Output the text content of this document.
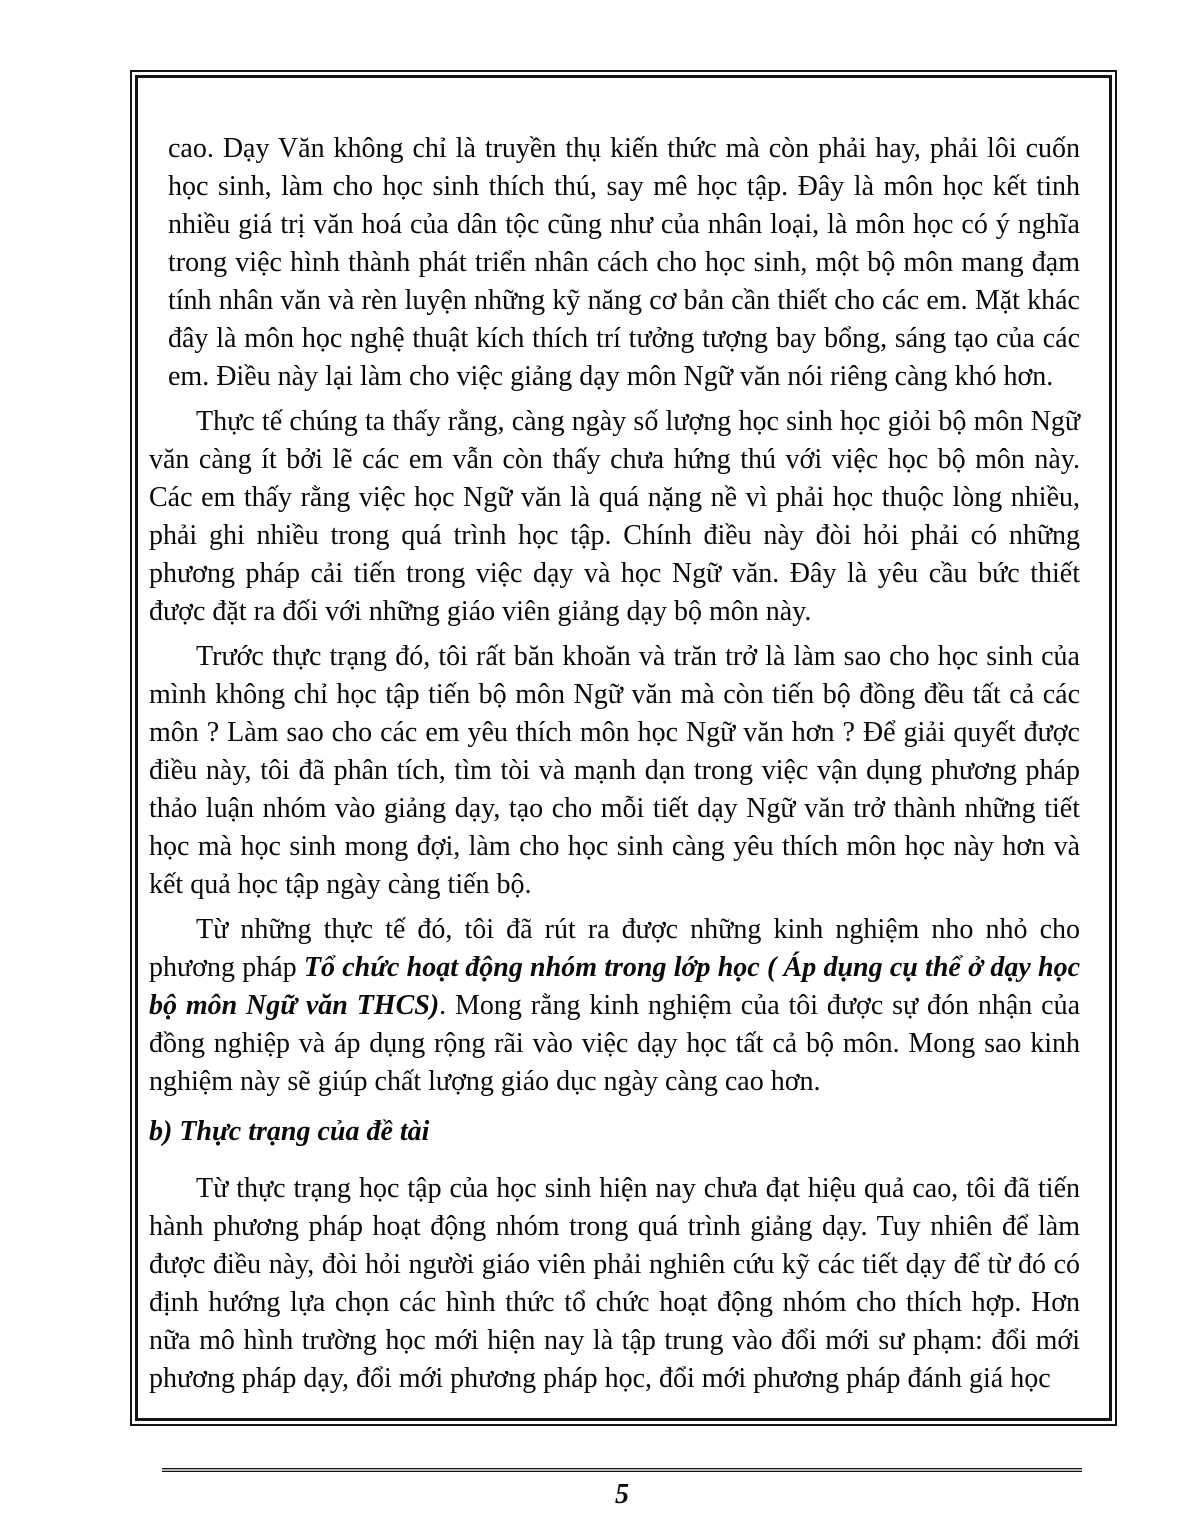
cao. Dạy Văn không chỉ là truyền thụ kiến thức mà còn phải hay, phải lôi cuốn học sinh, làm cho học sinh thích thú, say mê học tập. Đây là môn học kết tinh nhiều giá trị văn hoá của dân tộc cũng như của nhân loại, là môn học có ý nghĩa trong việc hình thành phát triển nhân cách cho học sinh, một bộ môn mang đạm tính nhân văn và rèn luyện những kỹ năng cơ bản cần thiết cho các em. Mặt khác đây là môn học nghệ thuật kích thích trí tưởng tượng bay bổng, sáng tạo của các em. Điều này lại làm cho việc giảng dạy môn Ngữ văn nói riêng càng khó hơn.

Thực tế chúng ta thấy rằng, càng ngày số lượng học sinh học giỏi bộ môn Ngữ văn càng ít bởi lẽ các em vẫn còn thấy chưa hứng thú với việc học bộ môn này. Các em thấy rằng việc học Ngữ văn là quá nặng nề vì phải học thuộc lòng nhiều, phải ghi nhiều trong quá trình học tập. Chính điều này đòi hỏi phải có những phương pháp cải tiến trong việc dạy và học Ngữ văn. Đây là yêu cầu bức thiết được đặt ra đối với những giáo viên giảng dạy bộ môn này.

Trước thực trạng đó, tôi rất băn khoăn và trăn trở là làm sao cho học sinh của mình không chỉ học tập tiến bộ môn Ngữ văn mà còn tiến bộ đồng đều tất cả các môn ? Làm sao cho các em yêu thích môn học Ngữ văn hơn ? Để giải quyết được điều này, tôi đã phân tích, tìm tòi và mạnh dạn trong việc vận dụng phương pháp thảo luận nhóm vào giảng dạy, tạo cho mỗi tiết dạy Ngữ văn trở thành những tiết học mà học sinh mong đợi, làm cho học sinh càng yêu thích môn học này hơn và kết quả học tập ngày càng tiến bộ.

Từ những thực tế đó, tôi đã rút ra được những kinh nghiệm nho nhỏ cho phương pháp Tổ chức hoạt động nhóm trong lớp học ( Áp dụng cụ thể ở dạy học bộ môn Ngữ văn THCS). Mong rằng kinh nghiệm của tôi được sự đón nhận của đồng nghiệp và áp dụng rộng rãi vào việc dạy học tất cả bộ môn. Mong sao kinh nghiệm này sẽ giúp chất lượng giáo dục ngày càng cao hơn.

b) Thực trạng của đề tài

Từ thực trạng học tập của học sinh hiện nay chưa đạt hiệu quả cao, tôi đã tiến hành phương pháp hoạt động nhóm trong quá trình giảng dạy. Tuy nhiên để làm được điều này, đòi hỏi người giáo viên phải nghiên cứu kỹ các tiết dạy để từ đó có định hướng lựa chọn các hình thức tổ chức hoạt động nhóm cho thích hợp. Hơn nữa mô hình trường học mới hiện nay là tập trung vào đổi mới sư phạm: đổi mới phương pháp dạy, đổi mới phương pháp học, đổi mới phương pháp đánh giá học

5
